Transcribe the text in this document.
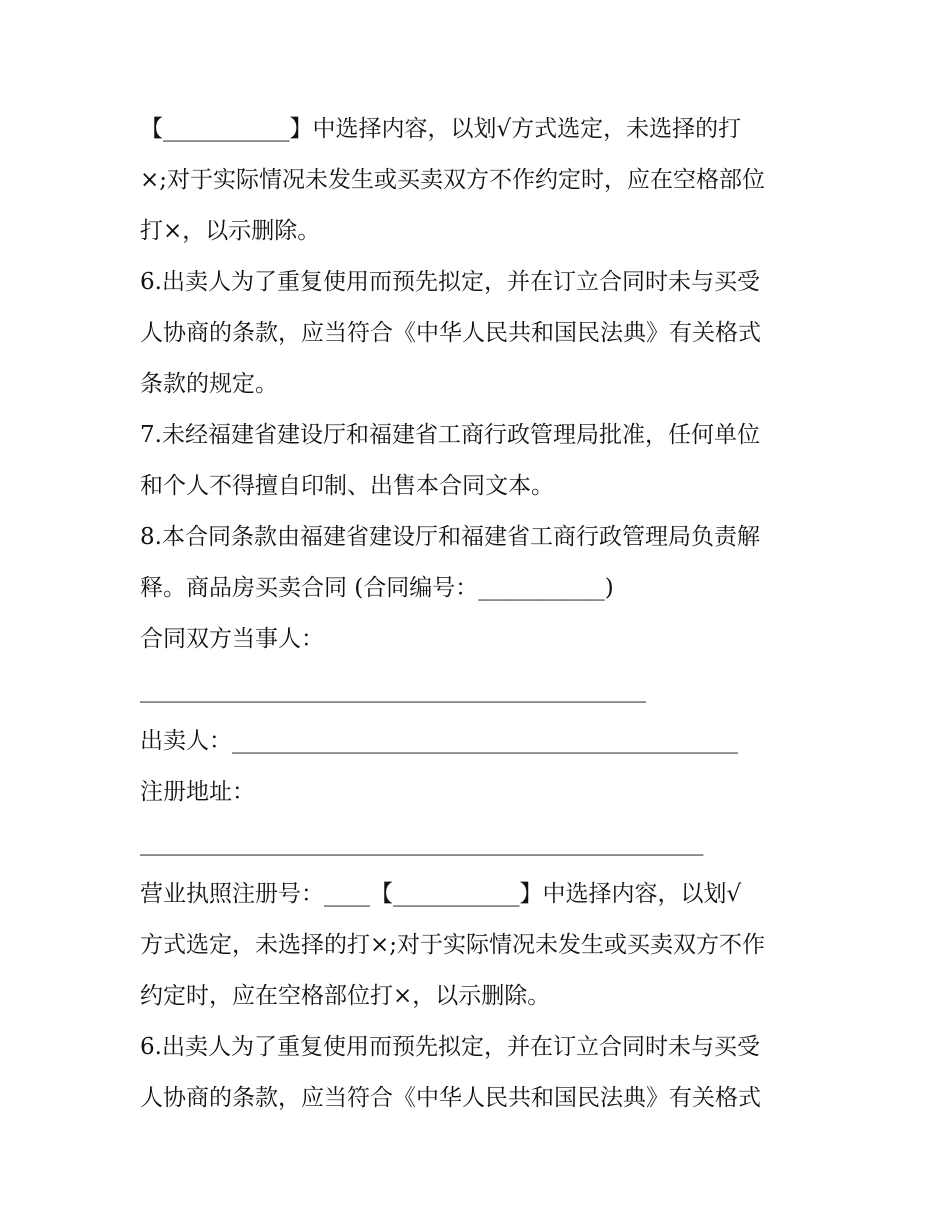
【___________】中选择内容，以划√方式选定，未选择的打
×;对于实际情况未发生或买卖双方不作约定时，应在空格部位
打×，以示删除。
6.出卖人为了重复使用而预先拟定，并在订立合同时未与买受
人协商的条款，应当符合《中华人民共和国民法典》有关格式
条款的规定。
7.未经福建省建设厅和福建省工商行政管理局批准，任何单位
和个人不得擅自印制、出售本合同文本。
8.本合同条款由福建省建设厅和福建省工商行政管理局负责解
释。商品房买卖合同 (合同编号：___________)
合同双方当事人：
____________________________________________
出卖人：____________________________________________
注册地址：
_________________________________________________
营业执照注册号：____【___________】中选择内容，以划√
方式选定，未选择的打×;对于实际情况未发生或买卖双方不作
约定时，应在空格部位打×，以示删除。
6.出卖人为了重复使用而预先拟定，并在订立合同时未与买受
人协商的条款，应当符合《中华人民共和国民法典》有关格式
